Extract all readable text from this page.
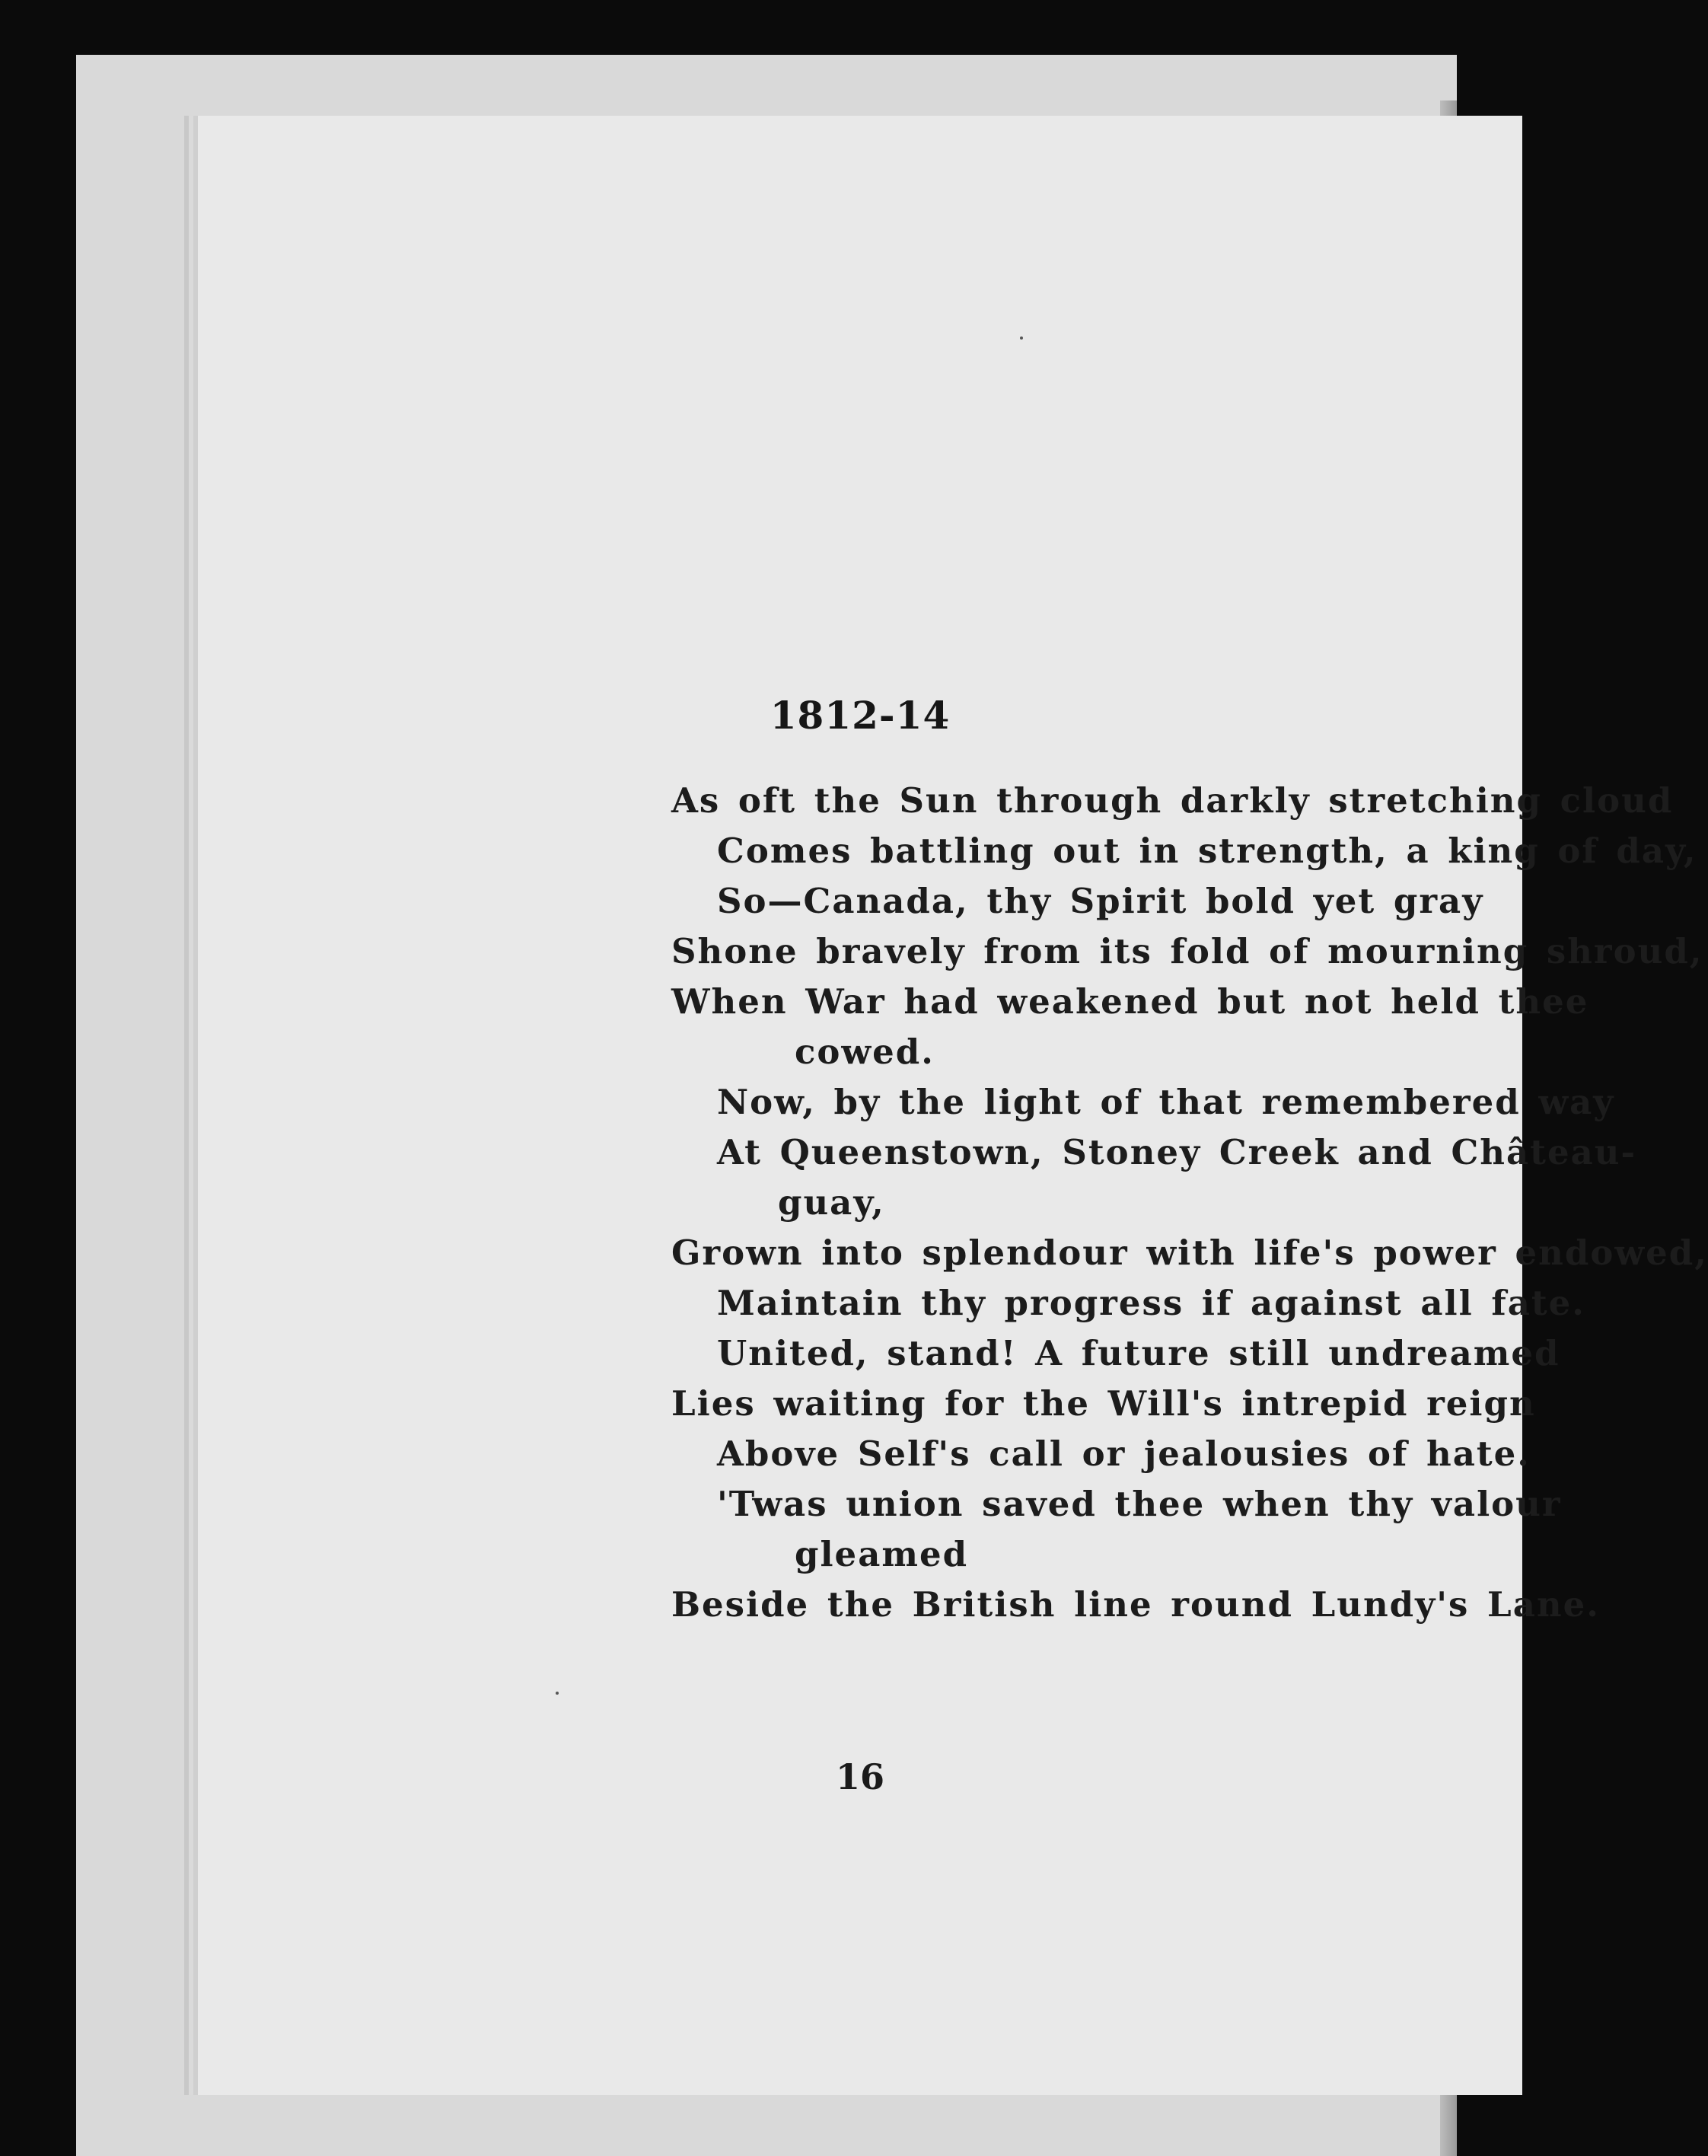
1812-14
As oft the Sun through darkly stretching cloud
Comes battling out in strength, a king of day,
So—Canada, thy Spirit bold yet gray
Shone bravely from its fold of mourning shroud,
When War had weakened but not held thee
cowed.
Now, by the light of that remembered way
At Queenstown, Stoney Creek and Château-
guay,
Grown into splendour with life's power endowed,
Maintain thy progress if against all fate.
United, stand! A future still undreamed
Lies waiting for the Will's intrepid reign
Above Self's call or jealousies of hate.
'Twas union saved thee when thy valour
gleamed
Beside the British line round Lundy's Lane.
16
